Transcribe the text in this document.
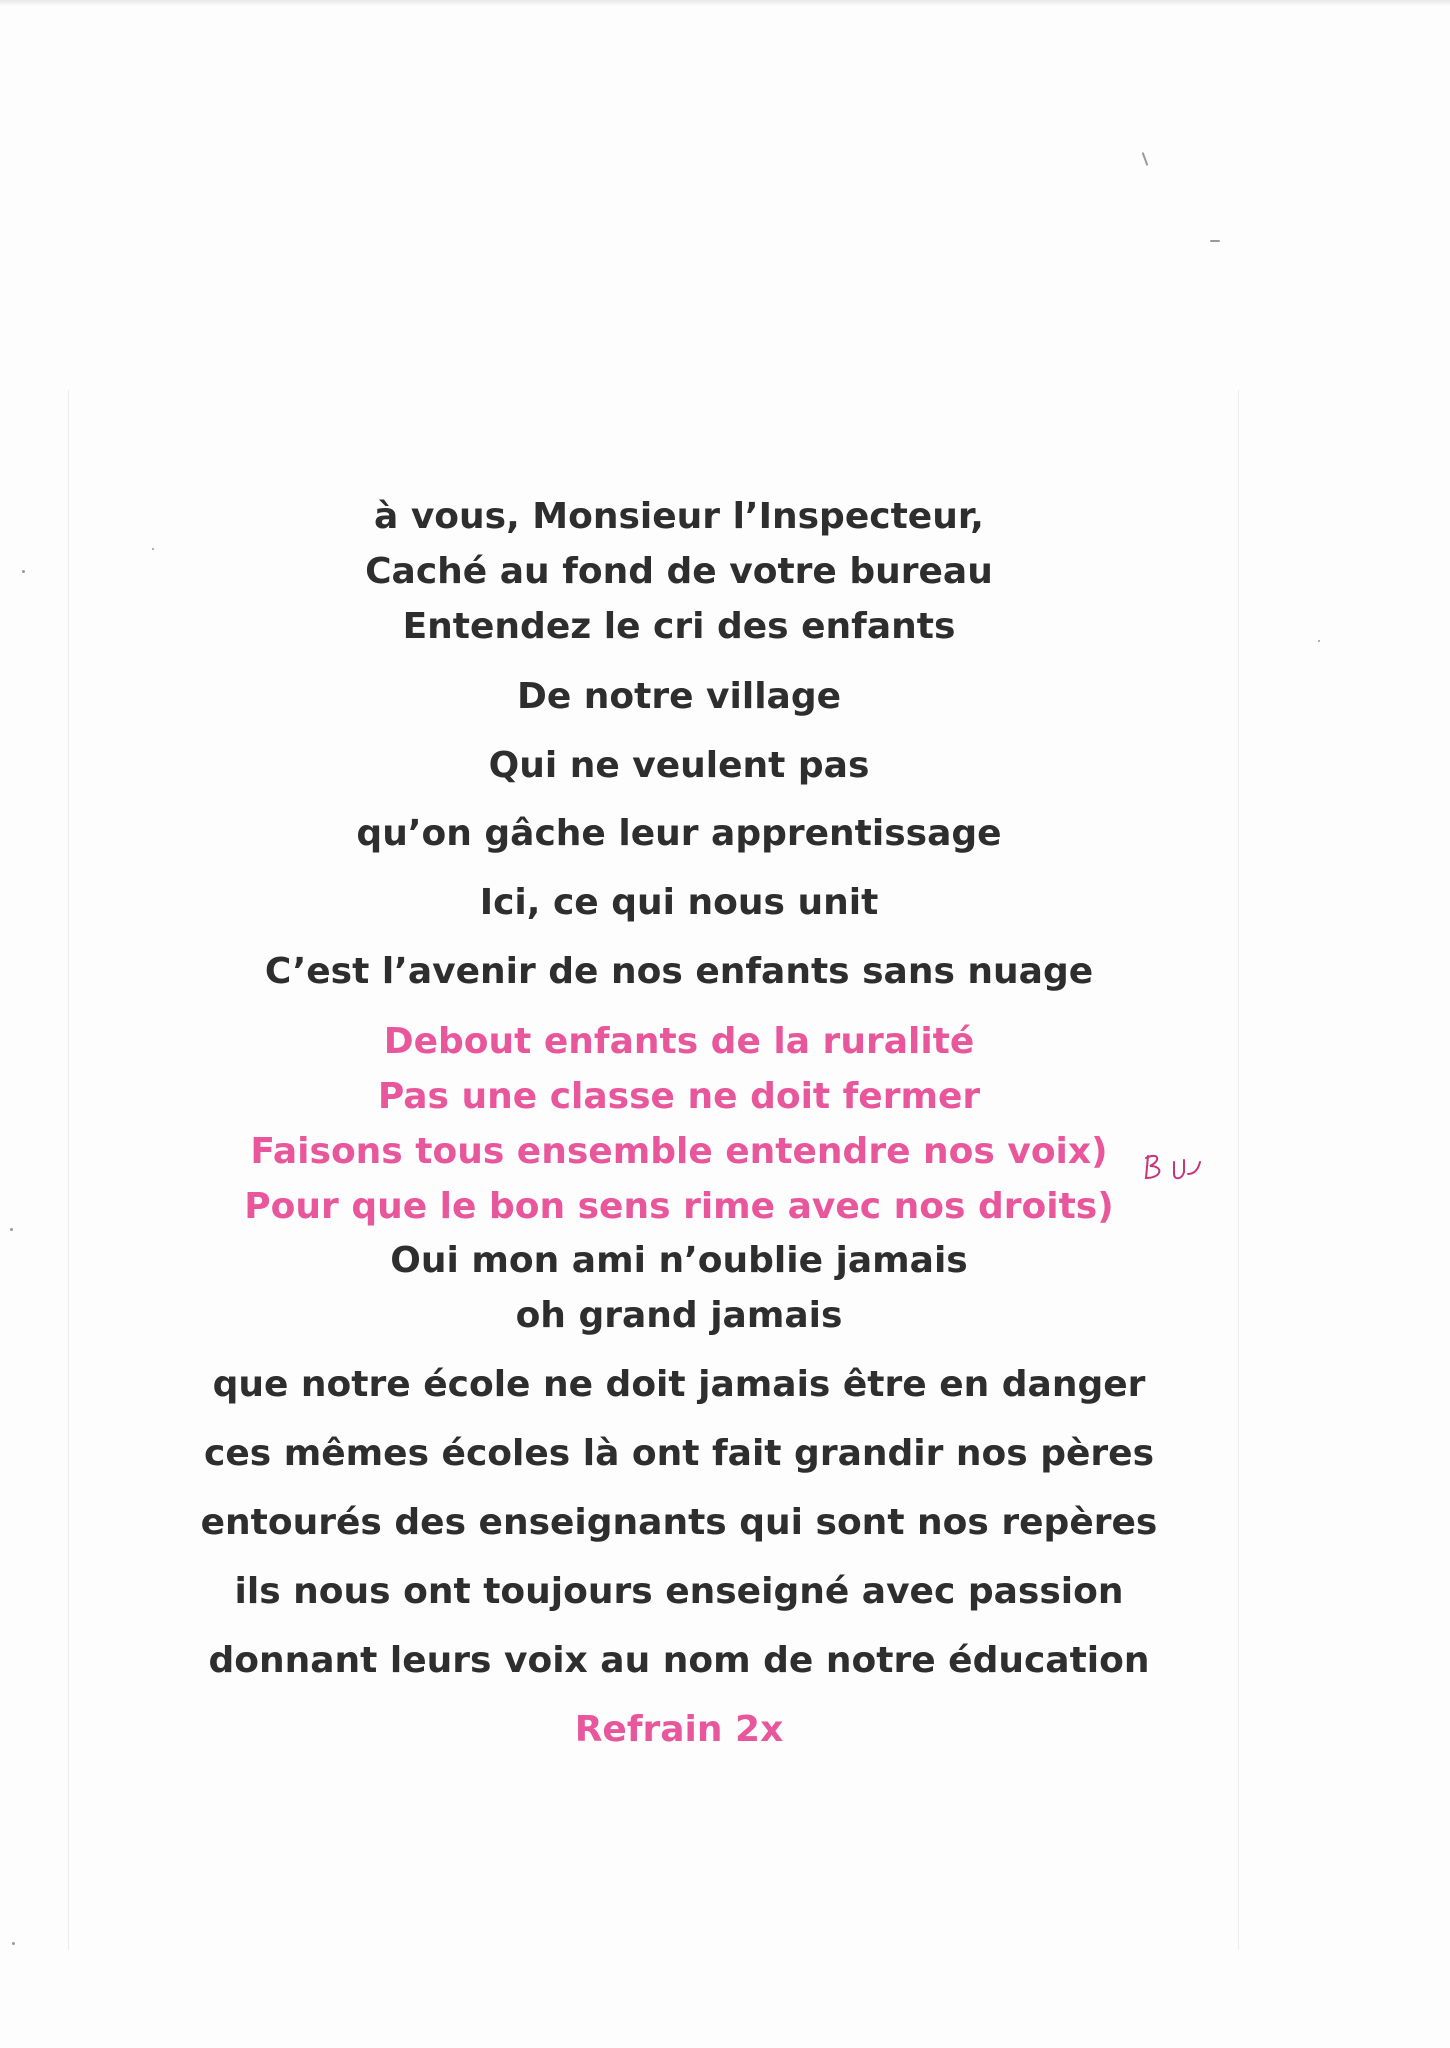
à vous, Monsieur l’Inspecteur,

Caché au fond de votre bureau

Entendez le cri des enfants

De notre village

Qui ne veulent pas

qu’on gâche leur apprentissage

Ici, ce qui nous unit

C’est l’avenir de nos enfants sans nuage

Debout enfants de la ruralité

Pas une classe ne doit fermer

Faisons tous ensemble entendre nos voix)

Pour que le bon sens rime avec nos droits)

Oui mon ami n’oublie jamais

oh grand jamais

que notre école ne doit jamais être en danger

ces mêmes écoles là ont fait grandir nos pères

entourés des enseignants qui sont nos repères

ils nous ont toujours enseigné avec passion

donnant leurs voix au nom de notre éducation

Refrain 2x
